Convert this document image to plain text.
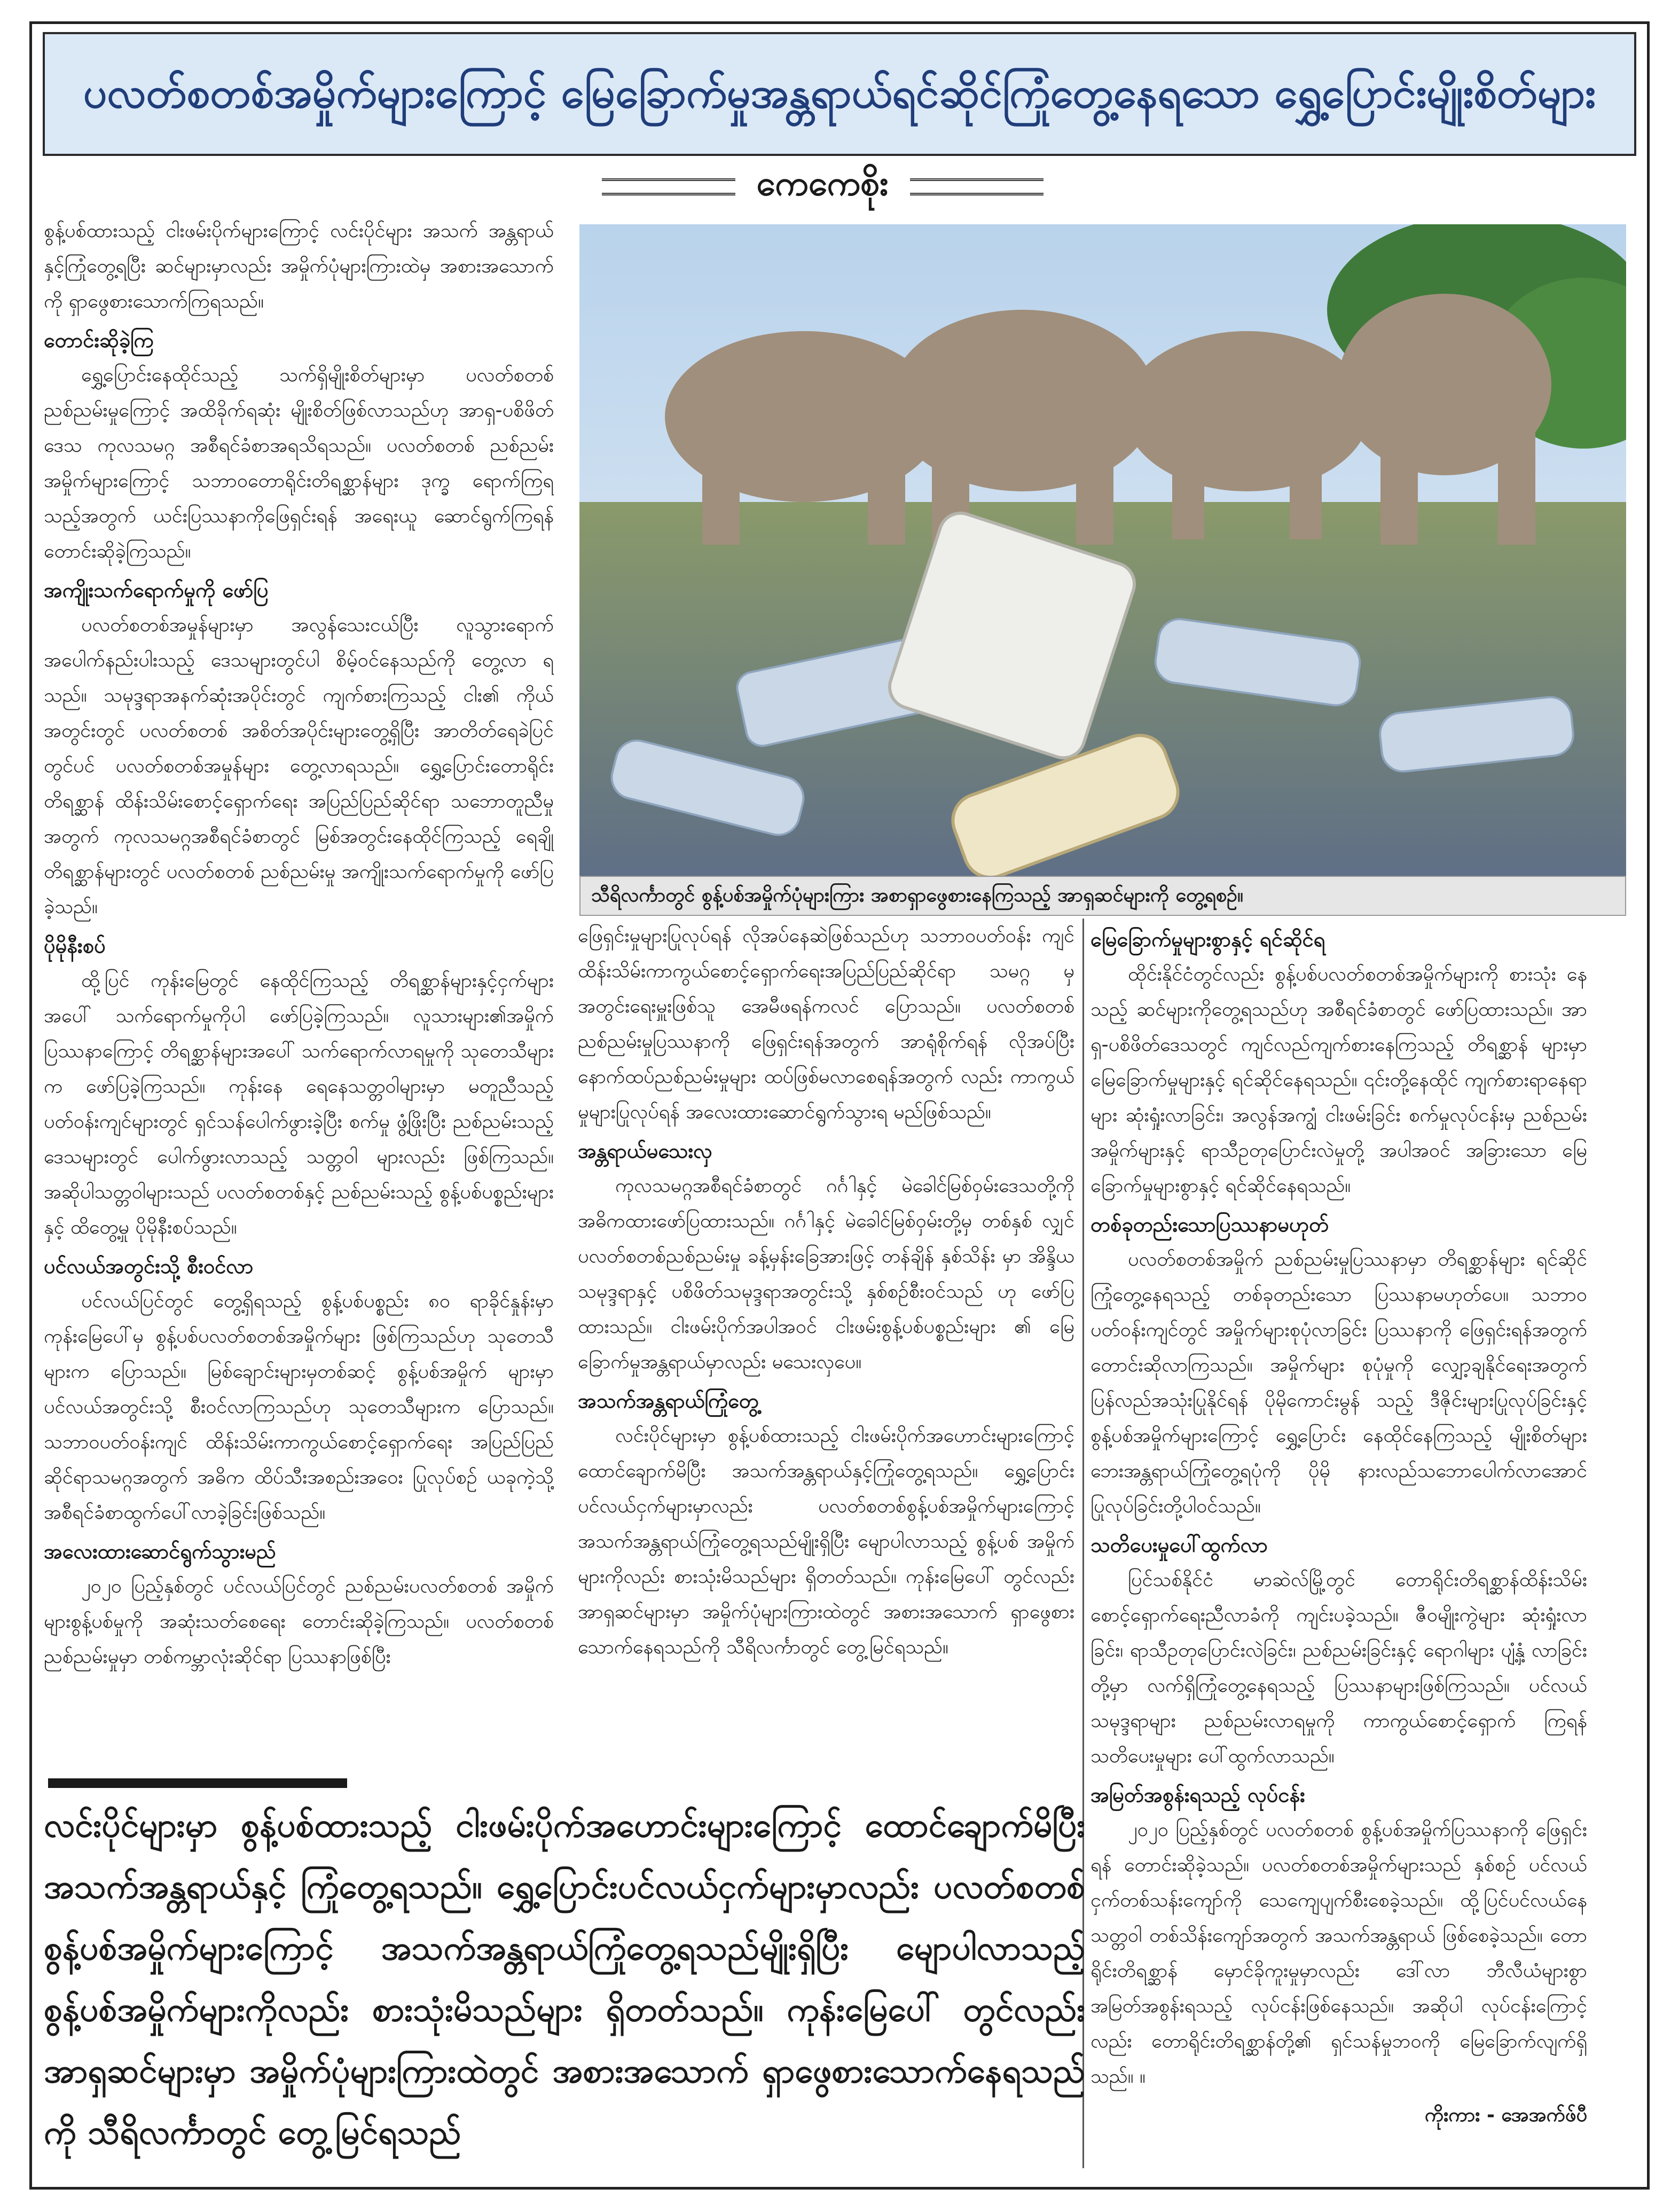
ပလတ်စတစ်အမှိုက်များကြောင့် မြေခြောက်မှုအန္တရာယ်ရင်ဆိုင်ကြုံတွေ့နေရသော ရွှေ့ပြောင်းမျိုးစိတ်များ
ကေကေစိုး

စွန့်ပစ်ထားသည့် ငါးဖမ်းပိုက်များကြောင့် လင်းပိုင်များ အသက် အန္တရာယ်နှင့်ကြုံတွေ့ရပြီး ဆင်များမှာလည်း အမှိုက်ပုံများကြားထဲမှ အစားအသောက်ကို ရှာဖွေစားသောက်ကြရသည်။

တောင်းဆိုခဲ့ကြ

ရွှေ့ပြောင်းနေထိုင်သည့် သက်ရှိမျိုးစိတ်များမှာ ပလတ်စတစ် ညစ်ညမ်းမှုကြောင့် အထိခိုက်ရဆုံး မျိုးစိတ်ဖြစ်လာသည်ဟု အာရှ-ပစိဖိတ်ဒေသ ကုလသမဂ္ဂ အစီရင်ခံစာအရသိရသည်။ ပလတ်စတစ် ညစ်ညမ်းအမှိုက်များကြောင့် သဘာဝတောရိုင်းတိရစ္ဆာန်များ ဒုက္ခ ရောက်ကြရသည့်အတွက် ယင်းပြဿနာကိုဖြေရှင်းရန် အရေးယူ ဆောင်ရွက်ကြရန် တောင်းဆိုခဲ့ကြသည်။

အကျိုးသက်ရောက်မှုကို ဖော်ပြ

ပလတ်စတစ်အမှုန်များမှာ အလွန်သေးငယ်ပြီး လူသွားရောက် အပေါက်နည်းပါးသည့် ဒေသများတွင်ပါ စိမ့်ဝင်နေသည်ကို တွေ့လာ ရသည်။ သမုဒ္ဒရာအနက်ဆုံးအပိုင်းတွင် ကျက်စားကြသည့် ငါး၏ ကိုယ်အတွင်းတွင် ပလတ်စတစ် အစိတ်အပိုင်းများတွေ့ရှိပြီး အာတိတ်ရေခဲပြင်တွင်ပင် ပလတ်စတစ်အမှုန်များ တွေ့လာရသည်။ ရွှေ့ပြောင်းတောရိုင်းတိရစ္ဆာန် ထိန်းသိမ်းစောင့်ရှောက်ရေး အပြည်ပြည်ဆိုင်ရာ သဘောတူညီမှုအတွက် ကုလသမဂ္ဂအစီရင်ခံစာတွင် မြစ်အတွင်းနေထိုင်ကြသည့် ရေချိုတိရစ္ဆာန်များတွင် ပလတ်စတစ် ညစ်ညမ်းမှု အကျိုးသက်ရောက်မှုကို ဖော်ပြခဲ့သည်။

ပိုမိုနီးစပ်

ထို့ပြင် ကုန်းမြေတွင် နေထိုင်ကြသည့် တိရစ္ဆာန်များနှင့်ငှက်များ အပေါ် သက်ရောက်မှုကိုပါ ဖော်ပြခဲ့ကြသည်။ လူသားများ၏အမှိုက် ပြဿနာကြောင့် တိရစ္ဆာန်များအပေါ် သက်ရောက်လာရမှုကို သုတေသီများက ဖော်ပြခဲ့ကြသည်။ ကုန်းနေ ရေနေသတ္တဝါများမှာ မတူညီသည့် ပတ်ဝန်းကျင်များတွင် ရှင်သန်ပေါက်ဖွားခဲ့ပြီး စက်မှု ဖွံ့ဖြိုးပြီး ညစ်ညမ်းသည့်ဒေသများတွင် ပေါက်ဖွားလာသည့် သတ္တဝါ များလည်း ဖြစ်ကြသည်။ အဆိုပါသတ္တဝါများသည် ပလတ်စတစ်နှင့် ညစ်ညမ်းသည့် စွန့်ပစ်ပစ္စည်းများနှင့် ထိတွေ့မှု ပိုမိုနီးစပ်သည်။

ပင်လယ်အတွင်းသို့ စီးဝင်လာ

ပင်လယ်ပြင်တွင် တွေ့ရှိရသည့် စွန့်ပစ်ပစ္စည်း ၈၀ ရာခိုင်နှုန်းမှာ ကုန်းမြေပေါ်မှ စွန့်ပစ်ပလတ်စတစ်အမှိုက်များ ဖြစ်ကြသည်ဟု သုတေသီများက ပြောသည်။ မြစ်ချောင်းများမှတစ်ဆင့် စွန့်ပစ်အမှိုက် များမှာ ပင်လယ်အတွင်းသို့ စီးဝင်လာကြသည်ဟု သုတေသီများက ပြောသည်။ သဘာဝပတ်ဝန်းကျင် ထိန်းသိမ်းကာကွယ်စောင့်ရှောက်ရေး အပြည်ပြည်ဆိုင်ရာသမဂ္ဂအတွက် အဓိက ထိပ်သီးအစည်းအဝေး ပြုလုပ်စဉ် ယခုကဲ့သို့ အစီရင်ခံစာထွက်ပေါ်လာခဲ့ခြင်းဖြစ်သည်။

အလေးထားဆောင်ရွက်သွားမည်

၂၀၂၀ ပြည့်နှစ်တွင် ပင်လယ်ပြင်တွင် ညစ်ညမ်းပလတ်စတစ် အမှိုက်များစွန့်ပစ်မှုကို အဆုံးသတ်စေရေး တောင်းဆိုခဲ့ကြသည်။ ပလတ်စတစ်ညစ်ညမ်းမှုမှာ တစ်ကမ္ဘာလုံးဆိုင်ရာ ပြဿနာဖြစ်ပြီး

သီရိလင်္ကာတွင် စွန့်ပစ်အမှိုက်ပုံများကြား အစာရှာဖွေစားနေကြသည့် အာရှဆင်များကို တွေ့ရစဉ်။

ဖြေရှင်းမှုများပြုလုပ်ရန် လိုအပ်နေဆဲဖြစ်သည်ဟု သဘာဝပတ်ဝန်း ကျင်ထိန်းသိမ်းကာကွယ်စောင့်ရှောက်ရေးအပြည်ပြည်ဆိုင်ရာ သမဂ္ဂ မှ အတွင်းရေးမှူးဖြစ်သူ အေမီဖရန်ကလင် ပြောသည်။ ပလတ်စတစ်ညစ်ညမ်းမှုပြဿနာကို ဖြေရှင်းရန်အတွက် အာရုံစိုက်ရန် လိုအပ်ပြီး နောက်ထပ်ညစ်ညမ်းမှုများ ထပ်ဖြစ်မလာစေရန်အတွက် လည်း ကာကွယ်မှုများပြုလုပ်ရန် အလေးထားဆောင်ရွက်သွားရ မည်ဖြစ်သည်။

အန္တရာယ်မသေးလှ

ကုလသမဂ္ဂအစီရင်ခံစာတွင် ဂင်္ဂါနှင့် မဲခေါင်မြစ်ဝှမ်းဒေသတို့ကို အဓိကထားဖော်ပြထားသည်။ ဂင်္ဂါနှင့် မဲခေါင်မြစ်ဝှမ်းတို့မှ တစ်နှစ် လျှင် ပလတ်စတစ်ညစ်ညမ်းမှု ခန့်မှန်းခြေအားဖြင့် တန်ချိန် နှစ်သိန်း မှာ အိန္ဒိယသမုဒ္ဒရာနှင့် ပစိဖိတ်သမုဒ္ဒရာအတွင်းသို့ နှစ်စဉ်စီးဝင်သည် ဟု ဖော်ပြထားသည်။ ငါးဖမ်းပိုက်အပါအဝင် ငါးဖမ်းစွန့်ပစ်ပစ္စည်းများ ၏ မြေခြောက်မှုအန္တရာယ်မှာလည်း မသေးလှပေ။

အသက်အန္တရာယ်ကြုံတွေ့

လင်းပိုင်များမှာ စွန့်ပစ်ထားသည့် ငါးဖမ်းပိုက်အဟောင်းများကြောင့် ထောင်ချောက်မိပြီး အသက်အန္တရာယ်နှင့်ကြုံတွေ့ရသည်။ ရွှေ့ပြောင်း ပင်လယ်ငှက်များမှာလည်း ပလတ်စတစ်စွန့်ပစ်အမှိုက်များကြောင့် အသက်အန္တရာယ်ကြုံတွေ့ရသည်မျိုးရှိပြီး မျောပါလာသည့် စွန့်ပစ် အမှိုက်များကိုလည်း စားသုံးမိသည်များ ရှိတတ်သည်။ ကုန်းမြေပေါ် တွင်လည်း အာရှဆင်များမှာ အမှိုက်ပုံများကြားထဲတွင် အစားအသောက် ရှာဖွေစားသောက်နေရသည်ကို သီရိလင်္ကာတွင် တွေ့မြင်ရသည်။

မြေခြောက်မှုများစွာနှင့် ရင်ဆိုင်ရ

ထိုင်းနိုင်ငံတွင်လည်း စွန့်ပစ်ပလတ်စတစ်အမှိုက်များကို စားသုံး နေသည့် ဆင်များကိုတွေ့ရသည်ဟု အစီရင်ခံစာတွင် ဖော်ပြထားသည်။ အာရှ-ပစိဖိတ်ဒေသတွင် ကျင်လည်ကျက်စားနေကြသည့် တိရစ္ဆာန် များမှာ မြေခြောက်မှုများနှင့် ရင်ဆိုင်နေရသည်။ ၎င်းတို့နေထိုင် ကျက်စားရာနေရာများ ဆုံးရှုံးလာခြင်း၊ အလွန်အကျွံ ငါးဖမ်းခြင်း စက်မှုလုပ်ငန်းမှ ညစ်ညမ်းအမှိုက်များနှင့် ရာသီဥတုပြောင်းလဲမှုတို့ အပါအဝင် အခြားသော မြေခြောက်မှုများစွာနှင့် ရင်ဆိုင်နေရသည်။

တစ်ခုတည်းသောပြဿနာမဟုတ်

ပလတ်စတစ်အမှိုက် ညစ်ညမ်းမှုပြဿနာမှာ တိရစ္ဆာန်များ ရင်ဆိုင်ကြုံတွေ့နေရသည့် တစ်ခုတည်းသော ပြဿနာမဟုတ်ပေ။ သဘာဝပတ်ဝန်းကျင်တွင် အမှိုက်များစုပုံလာခြင်း ပြဿနာကို ဖြေရှင်းရန်အတွက် တောင်းဆိုလာကြသည်။ အမှိုက်များ စုပုံမှုကို လျှော့ချနိုင်ရေးအတွက် ပြန်လည်အသုံးပြုနိုင်ရန် ပိုမိုကောင်းမွန် သည့် ဒီဇိုင်းများပြုလုပ်ခြင်းနှင့် စွန့်ပစ်အမှိုက်များကြောင့် ရွှေ့ပြောင်း နေထိုင်နေကြသည့် မျိုးစိတ်များ ဘေးအန္တရာယ်ကြုံတွေ့ရပုံကို ပိုမို နားလည်သဘောပေါက်လာအောင် ပြုလုပ်ခြင်းတို့ပါဝင်သည်။

သတိပေးမှုပေါ်ထွက်လာ

ပြင်သစ်နိုင်ငံ မာဆဲလ်မြို့တွင် တောရိုင်းတိရစ္ဆာန်ထိန်းသိမ်း စောင့်ရှောက်ရေးညီလာခံကို ကျင်းပခဲ့သည်။ ဇီဝမျိုးကွဲများ ဆုံးရှုံးလာ ခြင်း၊ ရာသီဥတုပြောင်းလဲခြင်း၊ ညစ်ညမ်းခြင်းနှင့် ရောဂါများ ပျံ့နှံ့ လာခြင်းတို့မှာ လက်ရှိကြုံတွေ့နေရသည့် ပြဿနာများဖြစ်ကြသည်။ ပင်လယ်သမုဒ္ဒရာများ ညစ်ညမ်းလာရမှုကို ကာကွယ်စောင့်ရှောက် ကြရန် သတိပေးမှုများ ပေါ်ထွက်လာသည်။

အမြတ်အစွန်းရသည့် လုပ်ငန်း

၂၀၂၀ ပြည့်နှစ်တွင် ပလတ်စတစ် စွန့်ပစ်အမှိုက်ပြဿနာကို ဖြေရှင်းရန် တောင်းဆိုခဲ့သည်။ ပလတ်စတစ်အမှိုက်များသည် နှစ်စဉ် ပင်လယ်ငှက်တစ်သန်းကျော်ကို သေကျေပျက်စီးစေခဲ့သည်။ ထို့ပြင်ပင်လယ်နေသတ္တဝါ တစ်သိန်းကျော်အတွက် အသက်အန္တရာယ် ဖြစ်စေခဲ့သည်။ တောရိုင်းတိရစ္ဆာန် မှောင်ခိုကူးမှုမှာလည်း ဒေါ်လာ ဘီလီယံများစွာ အမြတ်အစွန်းရသည့် လုပ်ငန်းဖြစ်နေသည်။ အဆိုပါ လုပ်ငန်းကြောင့်လည်း တောရိုင်းတိရစ္ဆာန်တို့၏ ရှင်သန်မှုဘဝကို မြေခြောက်လျက်ရှိသည်။ ။

ကိုးကား - အေအက်ဖ်ပီ
လင်းပိုင်များမှာ စွန့်ပစ်ထားသည့် ငါးဖမ်းပိုက်အဟောင်းများကြောင့် ထောင်ချောက်မိပြီး အသက်အန္တရာယ်နှင့် ကြုံတွေ့ရသည်။ ရွှေ့ပြောင်းပင်လယ်ငှက်များမှာလည်း ပလတ်စတစ်စွန့်ပစ်အမှိုက်များကြောင့် အသက်အန္တရာယ်ကြုံတွေ့ရသည်မျိုးရှိပြီး မျောပါလာသည့် စွန့်ပစ်အမှိုက်များကိုလည်း စားသုံးမိသည်များ ရှိတတ်သည်။ ကုန်းမြေပေါ် တွင်လည်း အာရှဆင်များမှာ အမှိုက်ပုံများကြားထဲတွင် အစားအသောက် ရှာဖွေစားသောက်နေရသည်ကို သီရိလင်္ကာတွင် တွေ့မြင်ရသည်
